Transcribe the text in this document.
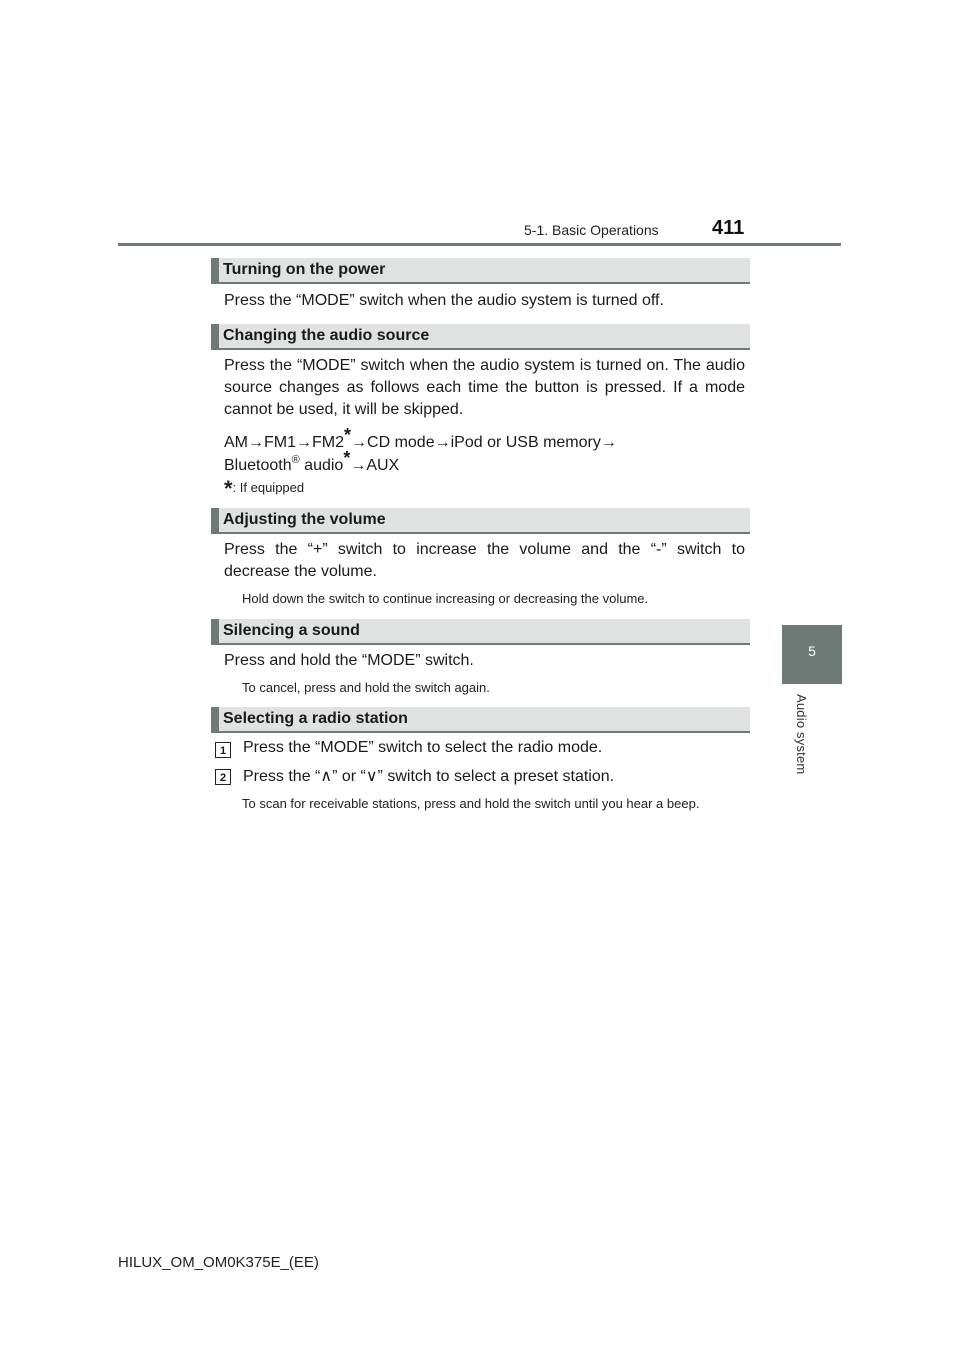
5-1. Basic Operations	411
5
Audio system
Turning on the power
Press the “MODE” switch when the audio system is turned off.
Changing the audio source
Press the “MODE” switch when the audio system is turned on. The audio source changes as follows each time the button is pressed. If a mode cannot be used, it will be skipped.
AM→FM1→FM2*→CD mode→iPod or USB memory→
Bluetooth® audio*→AUX
*: If equipped
Adjusting the volume
Press the “+” switch to increase the volume and the “-” switch to decrease the volume.
Hold down the switch to continue increasing or decreasing the volume.
Silencing a sound
Press and hold the “MODE” switch.
To cancel, press and hold the switch again.
Selecting a radio station
1	Press the “MODE” switch to select the radio mode.
2	Press the “∧” or “∨” switch to select a preset station.
To scan for receivable stations, press and hold the switch until you hear a beep.
HILUX_OM_OM0K375E_(EE)
